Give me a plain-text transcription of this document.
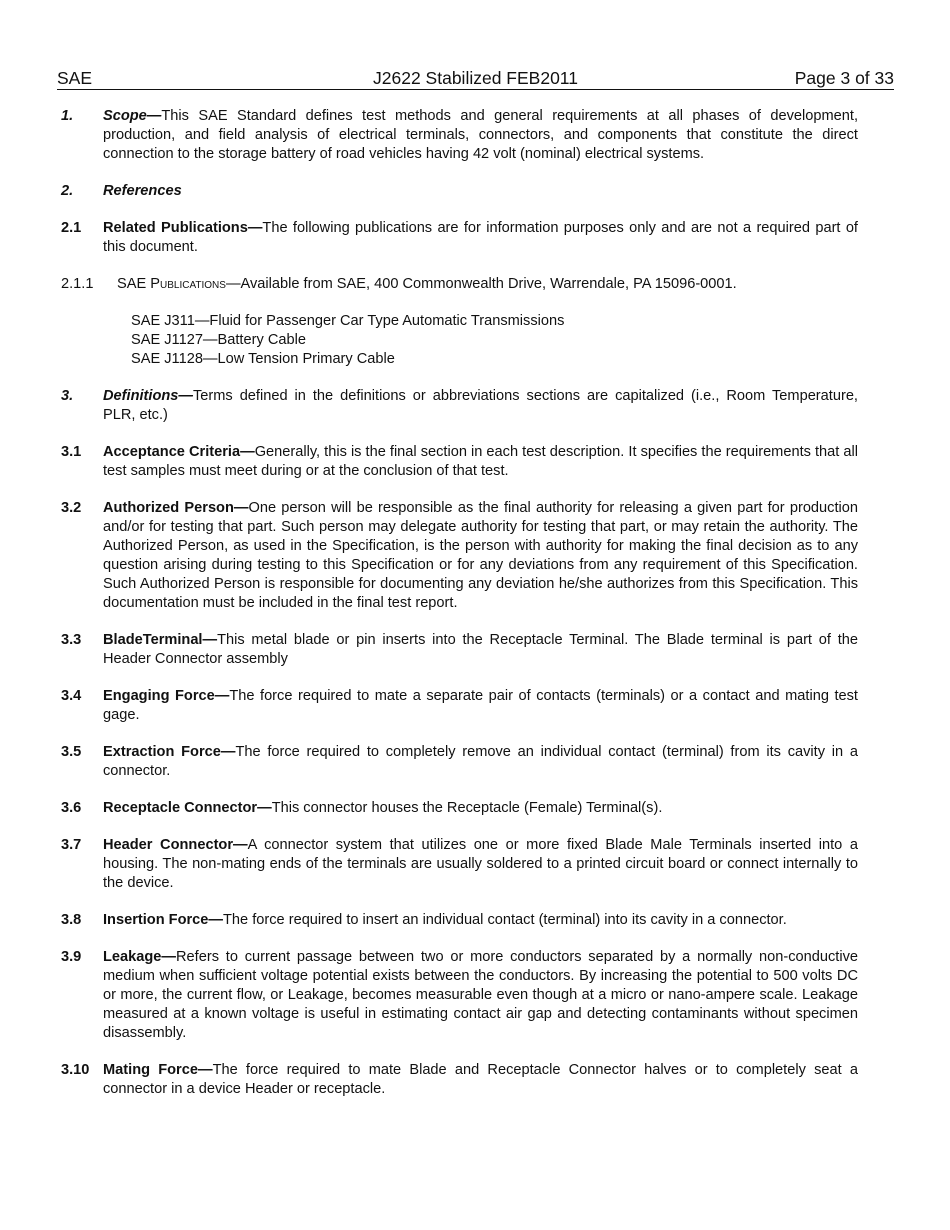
SAE	J2622 Stabilized FEB2011	Page 3 of 33
1.	Scope—This SAE Standard defines test methods and general requirements at all phases of development, production, and field analysis of electrical terminals, connectors, and components that constitute the direct connection to the storage battery of road vehicles having 42 volt (nominal) electrical systems.
2.	References
2.1	Related Publications—The following publications are for information purposes only and are not a required part of this document.
2.1.1	SAE Publications—Available from SAE, 400 Commonwealth Drive, Warrendale, PA 15096-0001.
SAE J311—Fluid for Passenger Car Type Automatic Transmissions
SAE J1127—Battery Cable
SAE J1128—Low Tension Primary Cable
3.	Definitions—Terms defined in the definitions or abbreviations sections are capitalized (i.e., Room Temperature, PLR, etc.)
3.1	Acceptance Criteria—Generally, this is the final section in each test description. It specifies the requirements that all test samples must meet during or at the conclusion of that test.
3.2	Authorized Person—One person will be responsible as the final authority for releasing a given part for production and/or for testing that part. Such person may delegate authority for testing that part, or may retain the authority. The Authorized Person, as used in the Specification, is the person with authority for making the final decision as to any question arising during testing to this Specification or for any deviations from any requirement of this Specification. Such Authorized Person is responsible for documenting any deviation he/she authorizes from this Specification. This documentation must be included in the final test report.
3.3	BladeTerminal—This metal blade or pin inserts into the Receptacle Terminal. The Blade terminal is part of the Header Connector assembly
3.4	Engaging Force—The force required to mate a separate pair of contacts (terminals) or a contact and mating test gage.
3.5	Extraction Force—The force required to completely remove an individual contact (terminal) from its cavity in a connector.
3.6	Receptacle Connector—This connector houses the Receptacle (Female) Terminal(s).
3.7	Header Connector—A connector system that utilizes one or more fixed Blade Male Terminals inserted into a housing. The non-mating ends of the terminals are usually soldered to a printed circuit board or connect internally to the device.
3.8	Insertion Force—The force required to insert an individual contact (terminal) into its cavity in a connector.
3.9	Leakage—Refers to current passage between two or more conductors separated by a normally non-conductive medium when sufficient voltage potential exists between the conductors. By increasing the potential to 500 volts DC or more, the current flow, or Leakage, becomes measurable even though at a micro or nano-ampere scale. Leakage measured at a known voltage is useful in estimating contact air gap and detecting contaminants without specimen disassembly.
3.10 Mating Force—The force required to mate Blade and Receptacle Connector halves or to completely seat a connector in a device Header or receptacle.
